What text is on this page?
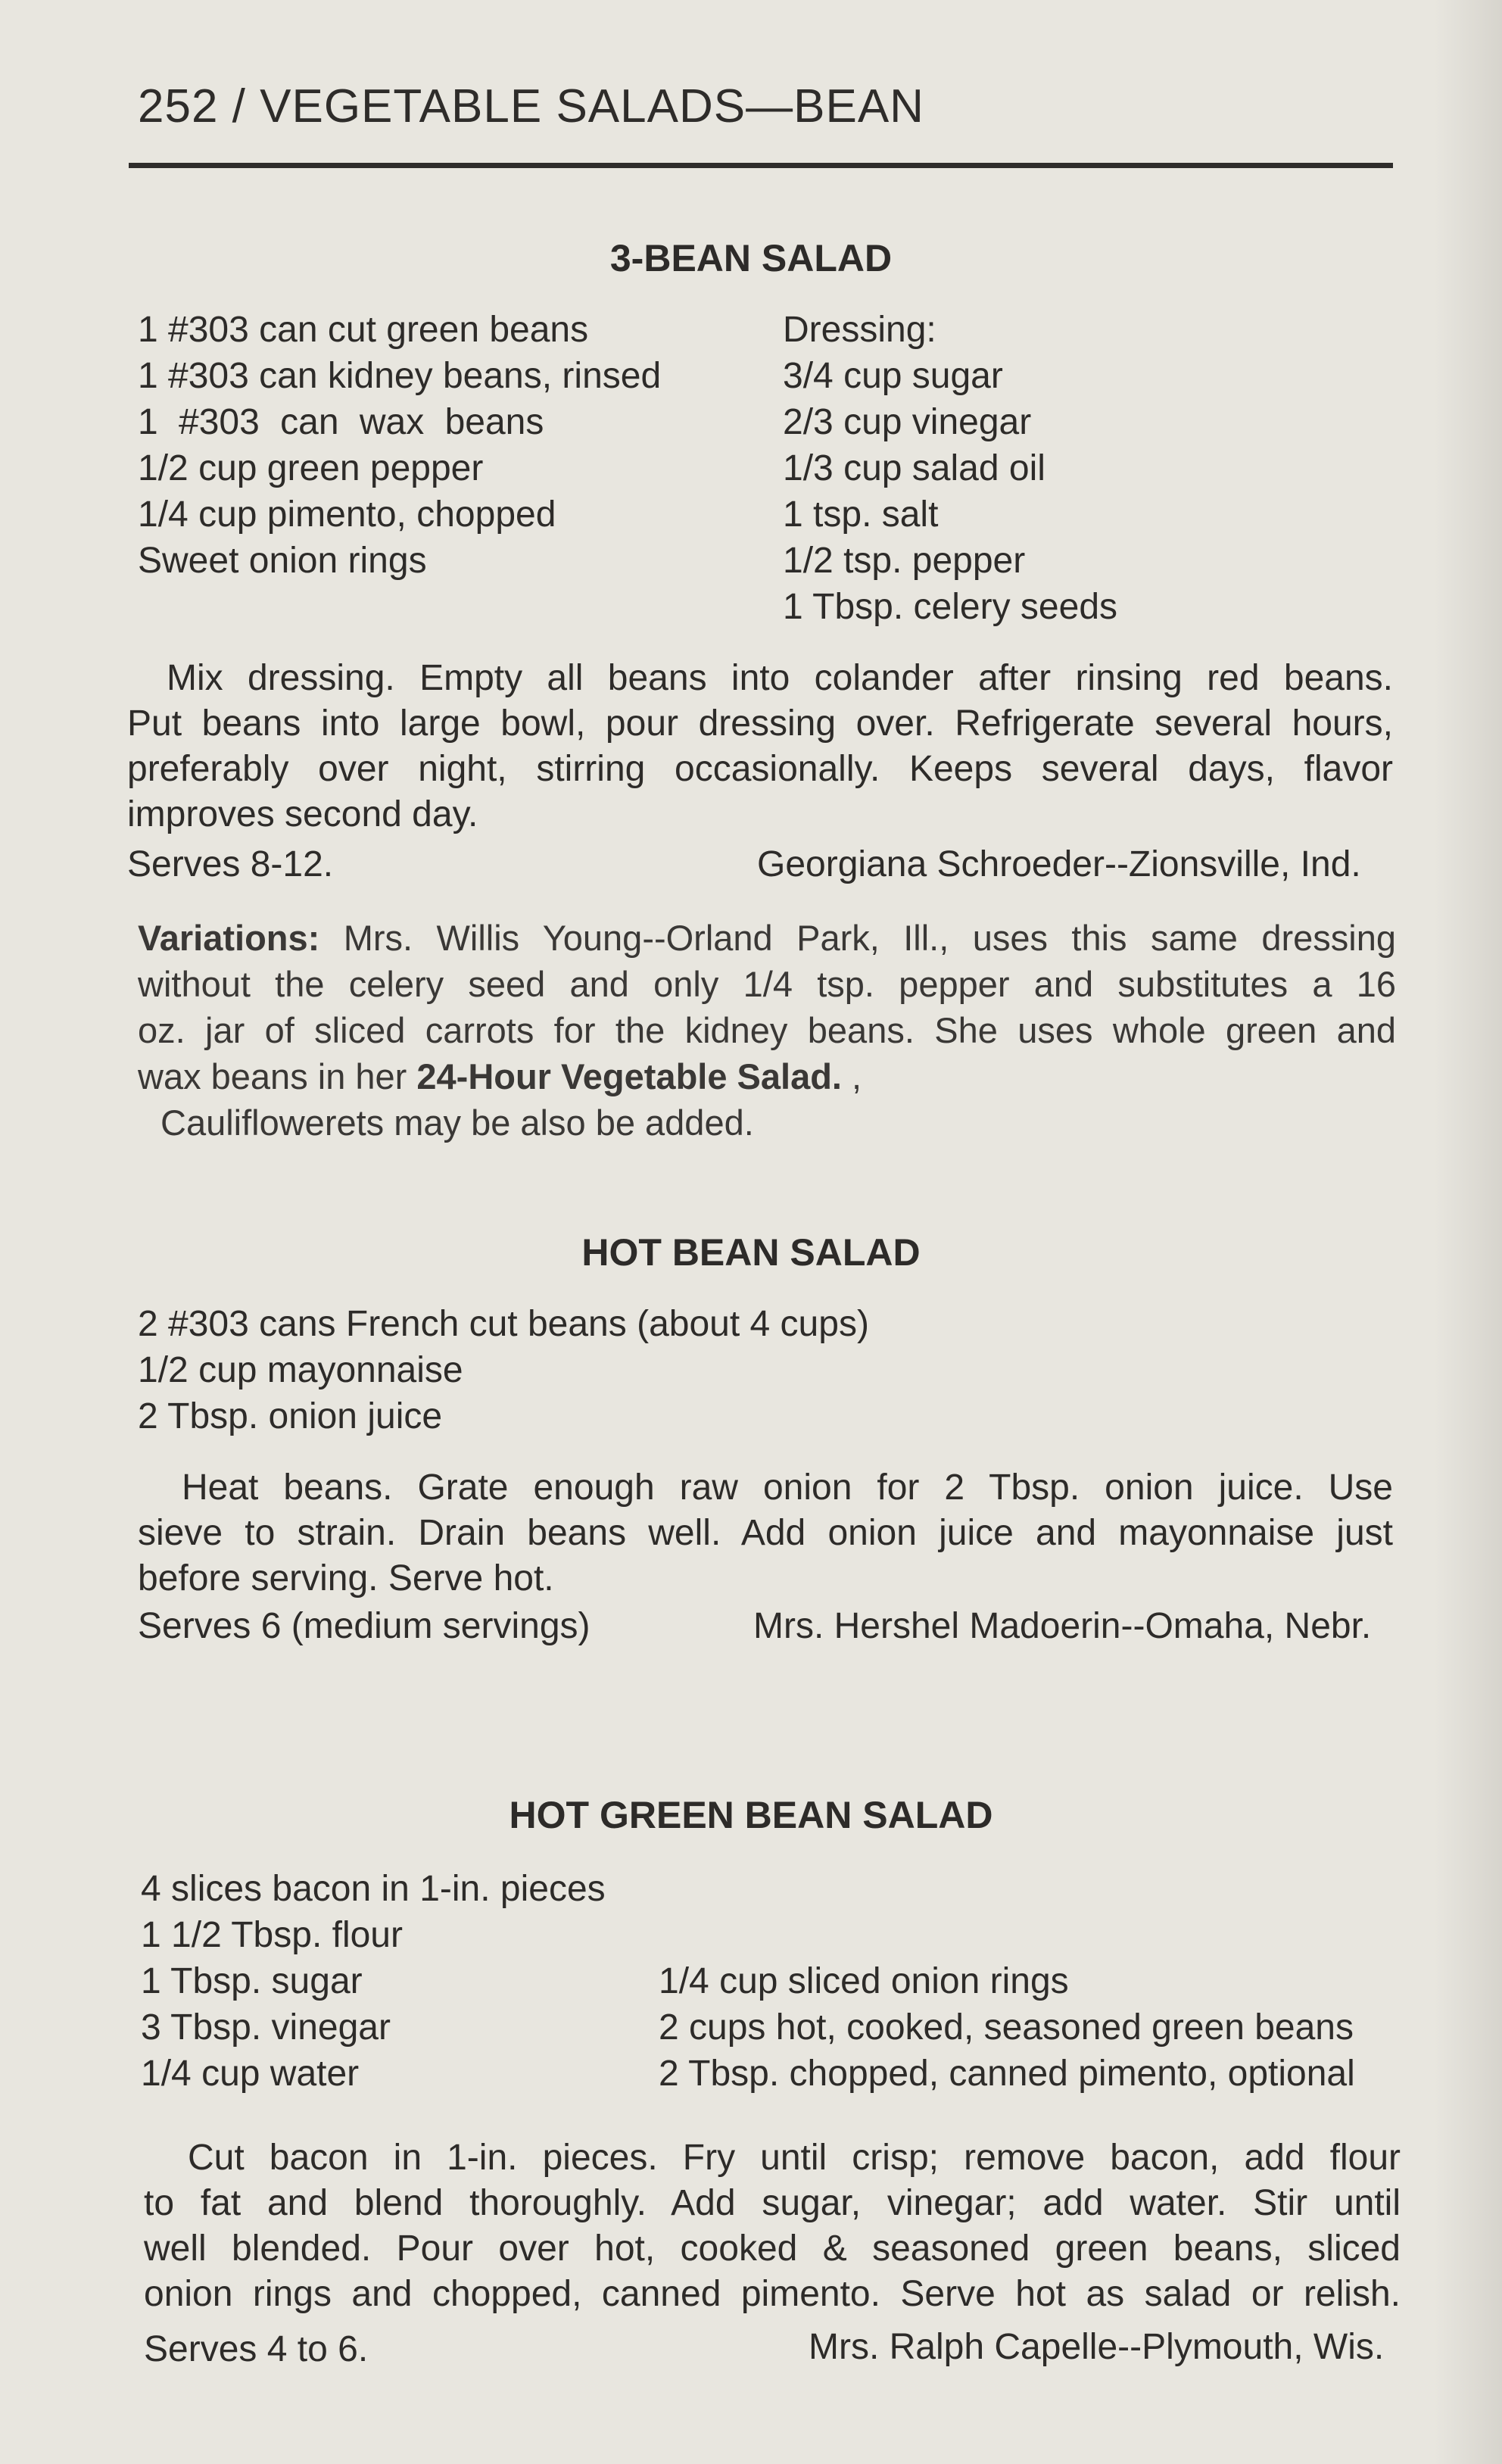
252 / VEGETABLE SALADS—BEAN
3-BEAN SALAD
1 #303 can cut green beans
1 #303 can kidney beans, rinsed
1 #303 can wax beans
1/2 cup green pepper
1/4 cup pimento, chopped
Sweet onion rings
Dressing:
3/4 cup sugar
2/3 cup vinegar
1/3 cup salad oil
1 tsp. salt
1/2 tsp. pepper
1 Tbsp. celery seeds
Mix dressing. Empty all beans into colander after rinsing red beans.
Put beans into large bowl, pour dressing over. Refrigerate several hours,
preferably over night, stirring occasionally. Keeps several days, flavor
improves second day.
Serves 8-12.	Georgiana Schroeder--Zionsville, Ind.
Variations: Mrs. Willis Young--Orland Park, Ill., uses this same dressing
without the celery seed and only 1/4 tsp. pepper and substitutes a 16
oz. jar of sliced carrots for the kidney beans. She uses whole green and
wax beans in her 24-Hour Vegetable Salad. ,
Cauliflowerets may be also be added.
HOT BEAN SALAD
2 #303 cans French cut beans (about 4 cups)
1/2 cup mayonnaise
2 Tbsp. onion juice
Heat beans. Grate enough raw onion for 2 Tbsp. onion juice. Use
sieve to strain. Drain beans well. Add onion juice and mayonnaise just
before serving. Serve hot.
Serves 6 (medium servings)	Mrs. Hershel Madoerin--Omaha, Nebr.
HOT GREEN BEAN SALAD
4 slices bacon in 1-in. pieces
1 1/2 Tbsp. flour
1 Tbsp. sugar
3 Tbsp. vinegar
1/4 cup water
1/4 cup sliced onion rings
2 cups hot, cooked, seasoned green beans
2 Tbsp. chopped, canned pimento, optional
Cut bacon in 1-in. pieces. Fry until crisp; remove bacon, add flour
to fat and blend thoroughly. Add sugar, vinegar; add water. Stir until
well blended. Pour over hot, cooked & seasoned green beans, sliced
onion rings and chopped, canned pimento. Serve hot as salad or relish.
Serves 4 to 6.	Mrs. Ralph Capelle--Plymouth, Wis.
